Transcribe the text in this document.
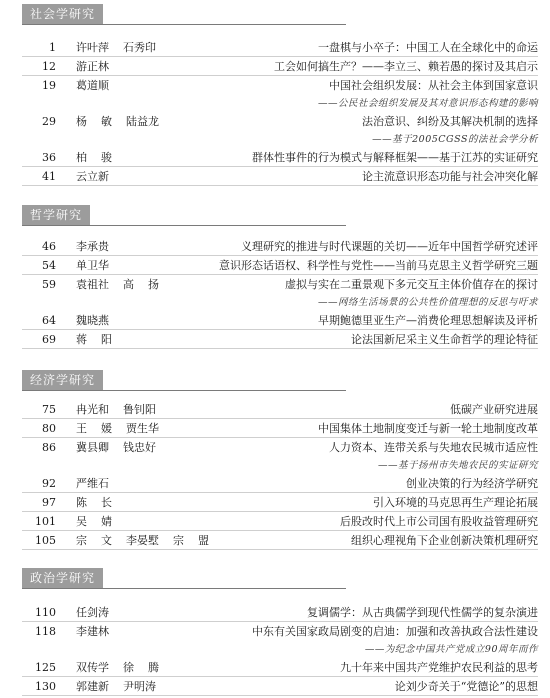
社会学研究
1 许叶萍    石秀印	一盘棋与小卒子：中国工人在全球化中的命运
12 游正林	工会如何搞生产？——李立三、赖若愚的探讨及其启示
19 葛道顺	中国社会组织发展：从社会主体到国家意识
——公民社会组织发展及其对意识形态构建的影响
29 杨    敏    陆益龙	法治意识、纠纷及其解决机制的选择
——基于2005CGSS的法社会学分析
36 柏    骏	群体性事件的行为模式与解释框架——基于江苏的实证研究
41 云立新	论主流意识形态功能与社会冲突化解
哲学研究
46 李承贵	义理研究的推进与时代课题的关切——近年中国哲学研究述评
54 单卫华	意识形态话语权、科学性与党性——当前马克思主义哲学研究三题
59 袁祖社    高    扬	虚拟与实在二重景观下多元交互主体价值存在的探讨
——网络生活场景的公共性价值理想的反思与吁求
64 魏晓燕	早期鲍德里亚生产—消费伦理思想解读及评析
69 蒋    阳	论法国新尼采主义生命哲学的理论特征
经济学研究
75 冉光和    鲁钊阳	低碳产业研究进展
80 王    媛    贾生华	中国集体土地制度变迁与新一轮土地制度改革
86 冀县卿    钱忠好	人力资本、连带关系与失地农民城市适应性
——基于扬州市失地农民的实证研究
92 严维石	创业决策的行为经济学研究
97 陈    长	引入环境的马克思再生产理论拓展
101 吴    婧	后股改时代上市公司国有股收益管理研究
105 宗    文    李晏墅    宗    盟	组织心理视角下企业创新决策机理研究
政治学研究
110 任剑涛	复调儒学：从古典儒学到现代性儒学的复杂演进
118 李建林	中东有关国家政局剧变的启迪：加强和改善执政合法性建设
——为纪念中国共产党成立90周年而作
125 双传学    徐    腾	九十年来中国共产党维护农民利益的思考
130 郭建新    尹明涛	论刘少奇关于“党德论”的思想
